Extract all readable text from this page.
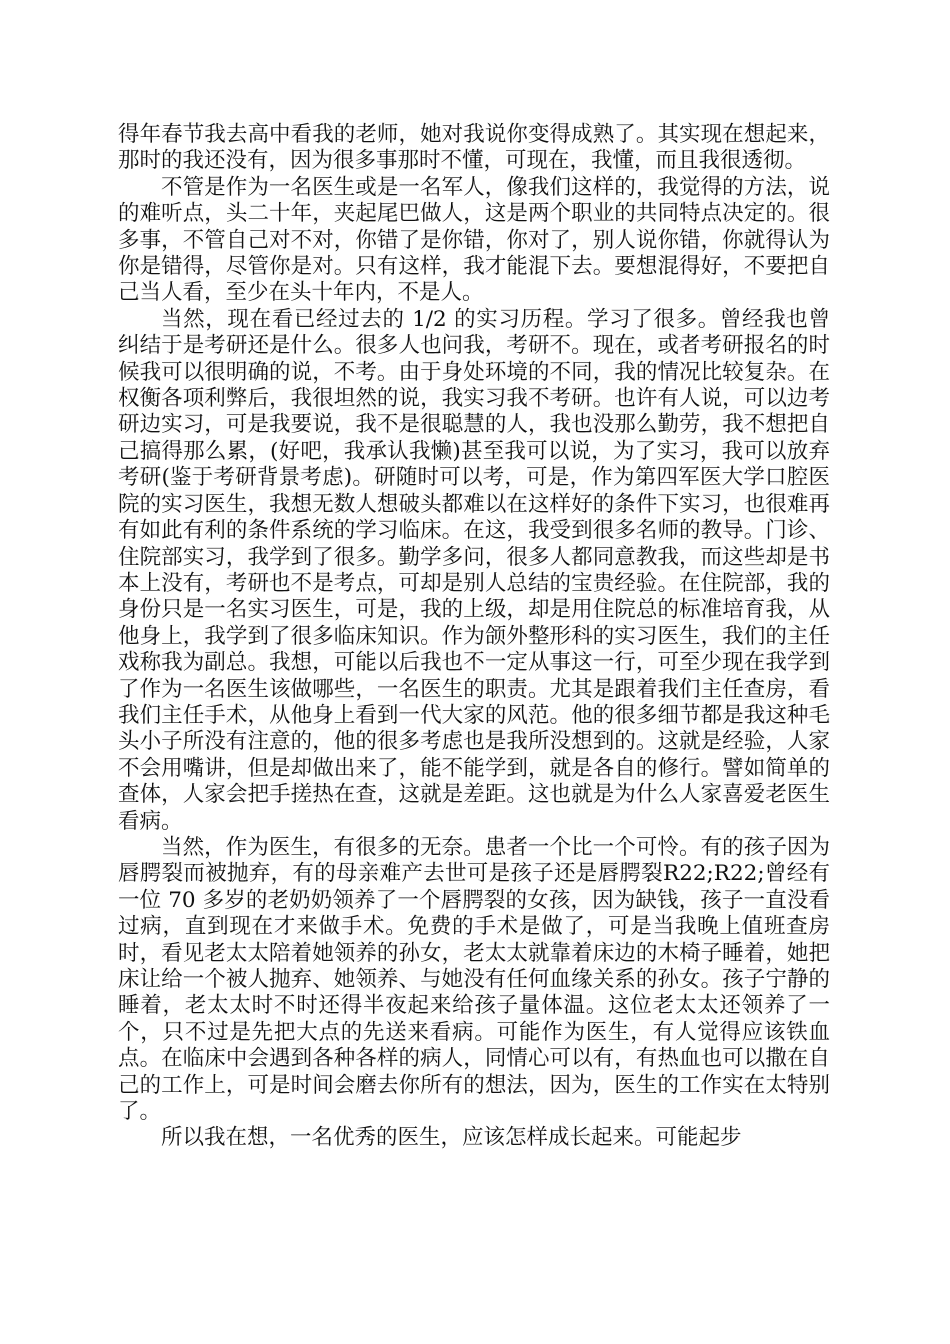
得年春节我去高中看我的老师，她对我说你变得成熟了。其实现在想起来，那时的我还没有，因为很多事那时不懂，可现在，我懂，而且我很透彻。

不管是作为一名医生或是一名军人，像我们这样的，我觉得的方法，说的难听点，头二十年，夹起尾巴做人，这是两个职业的共同特点决定的。很多事，不管自己对不对，你错了是你错，你对了，别人说你错，你就得认为你是错得，尽管你是对。只有这样，我才能混下去。要想混得好，不要把自己当人看，至少在头十年内，不是人。

当然，现在看已经过去的 1/2 的实习历程。学习了很多。曾经我也曾纠结于是考研还是什么。很多人也问我，考研不。现在，或者考研报名的时候我可以很明确的说，不考。由于身处环境的不同，我的情况比较复杂。在权衡各项利弊后，我很坦然的说，我实习我不考研。也许有人说，可以边考研边实习，可是我要说，我不是很聪慧的人，我也没那么勤劳，我不想把自己搞得那么累，(好吧，我承认我懒)甚至我可以说，为了实习，我可以放弃考研(鉴于考研背景考虑)。研随时可以考，可是，作为第四军医大学口腔医院的实习医生，我想无数人想破头都难以在这样好的条件下实习，也很难再有如此有利的条件系统的学习临床。在这，我受到很多名师的教导。门诊、住院部实习，我学到了很多。勤学多问，很多人都同意教我，而这些却是书本上没有，考研也不是考点，可却是别人总结的宝贵经验。在住院部，我的身份只是一名实习医生，可是，我的上级，却是用住院总的标准培育我，从他身上，我学到了很多临床知识。作为颌外整形科的实习医生，我们的主任戏称我为副总。我想，可能以后我也不一定从事这一行，可至少现在我学到了作为一名医生该做哪些，一名医生的职责。尤其是跟着我们主任查房，看我们主任手术，从他身上看到一代大家的风范。他的很多细节都是我这种毛头小子所没有注意的，他的很多考虑也是我所没想到的。这就是经验，人家不会用嘴讲，但是却做出来了，能不能学到，就是各自的修行。譬如简单的查体，人家会把手搓热在查，这就是差距。这也就是为什么人家喜爱老医生看病。

当然，作为医生，有很多的无奈。患者一个比一个可怜。有的孩子因为唇腭裂而被抛弃，有的母亲难产去世可是孩子还是唇腭裂R22;R22;曾经有一位 70 多岁的老奶奶领养了一个唇腭裂的女孩，因为缺钱，孩子一直没看过病，直到现在才来做手术。免费的手术是做了，可是当我晚上值班查房时，看见老太太陪着她领养的孙女，老太太就靠着床边的木椅子睡着，她把床让给一个被人抛弃、她领养、与她没有任何血缘关系的孙女。孩子宁静的睡着，老太太时不时还得半夜起来给孩子量体温。这位老太太还领养了一个，只不过是先把大点的先送来看病。可能作为医生，有人觉得应该铁血点。在临床中会遇到各种各样的病人，同情心可以有，有热血也可以撒在自己的工作上，可是时间会磨去你所有的想法，因为，医生的工作实在太特别了。

所以我在想，一名优秀的医生，应该怎样成长起来。可能起步
